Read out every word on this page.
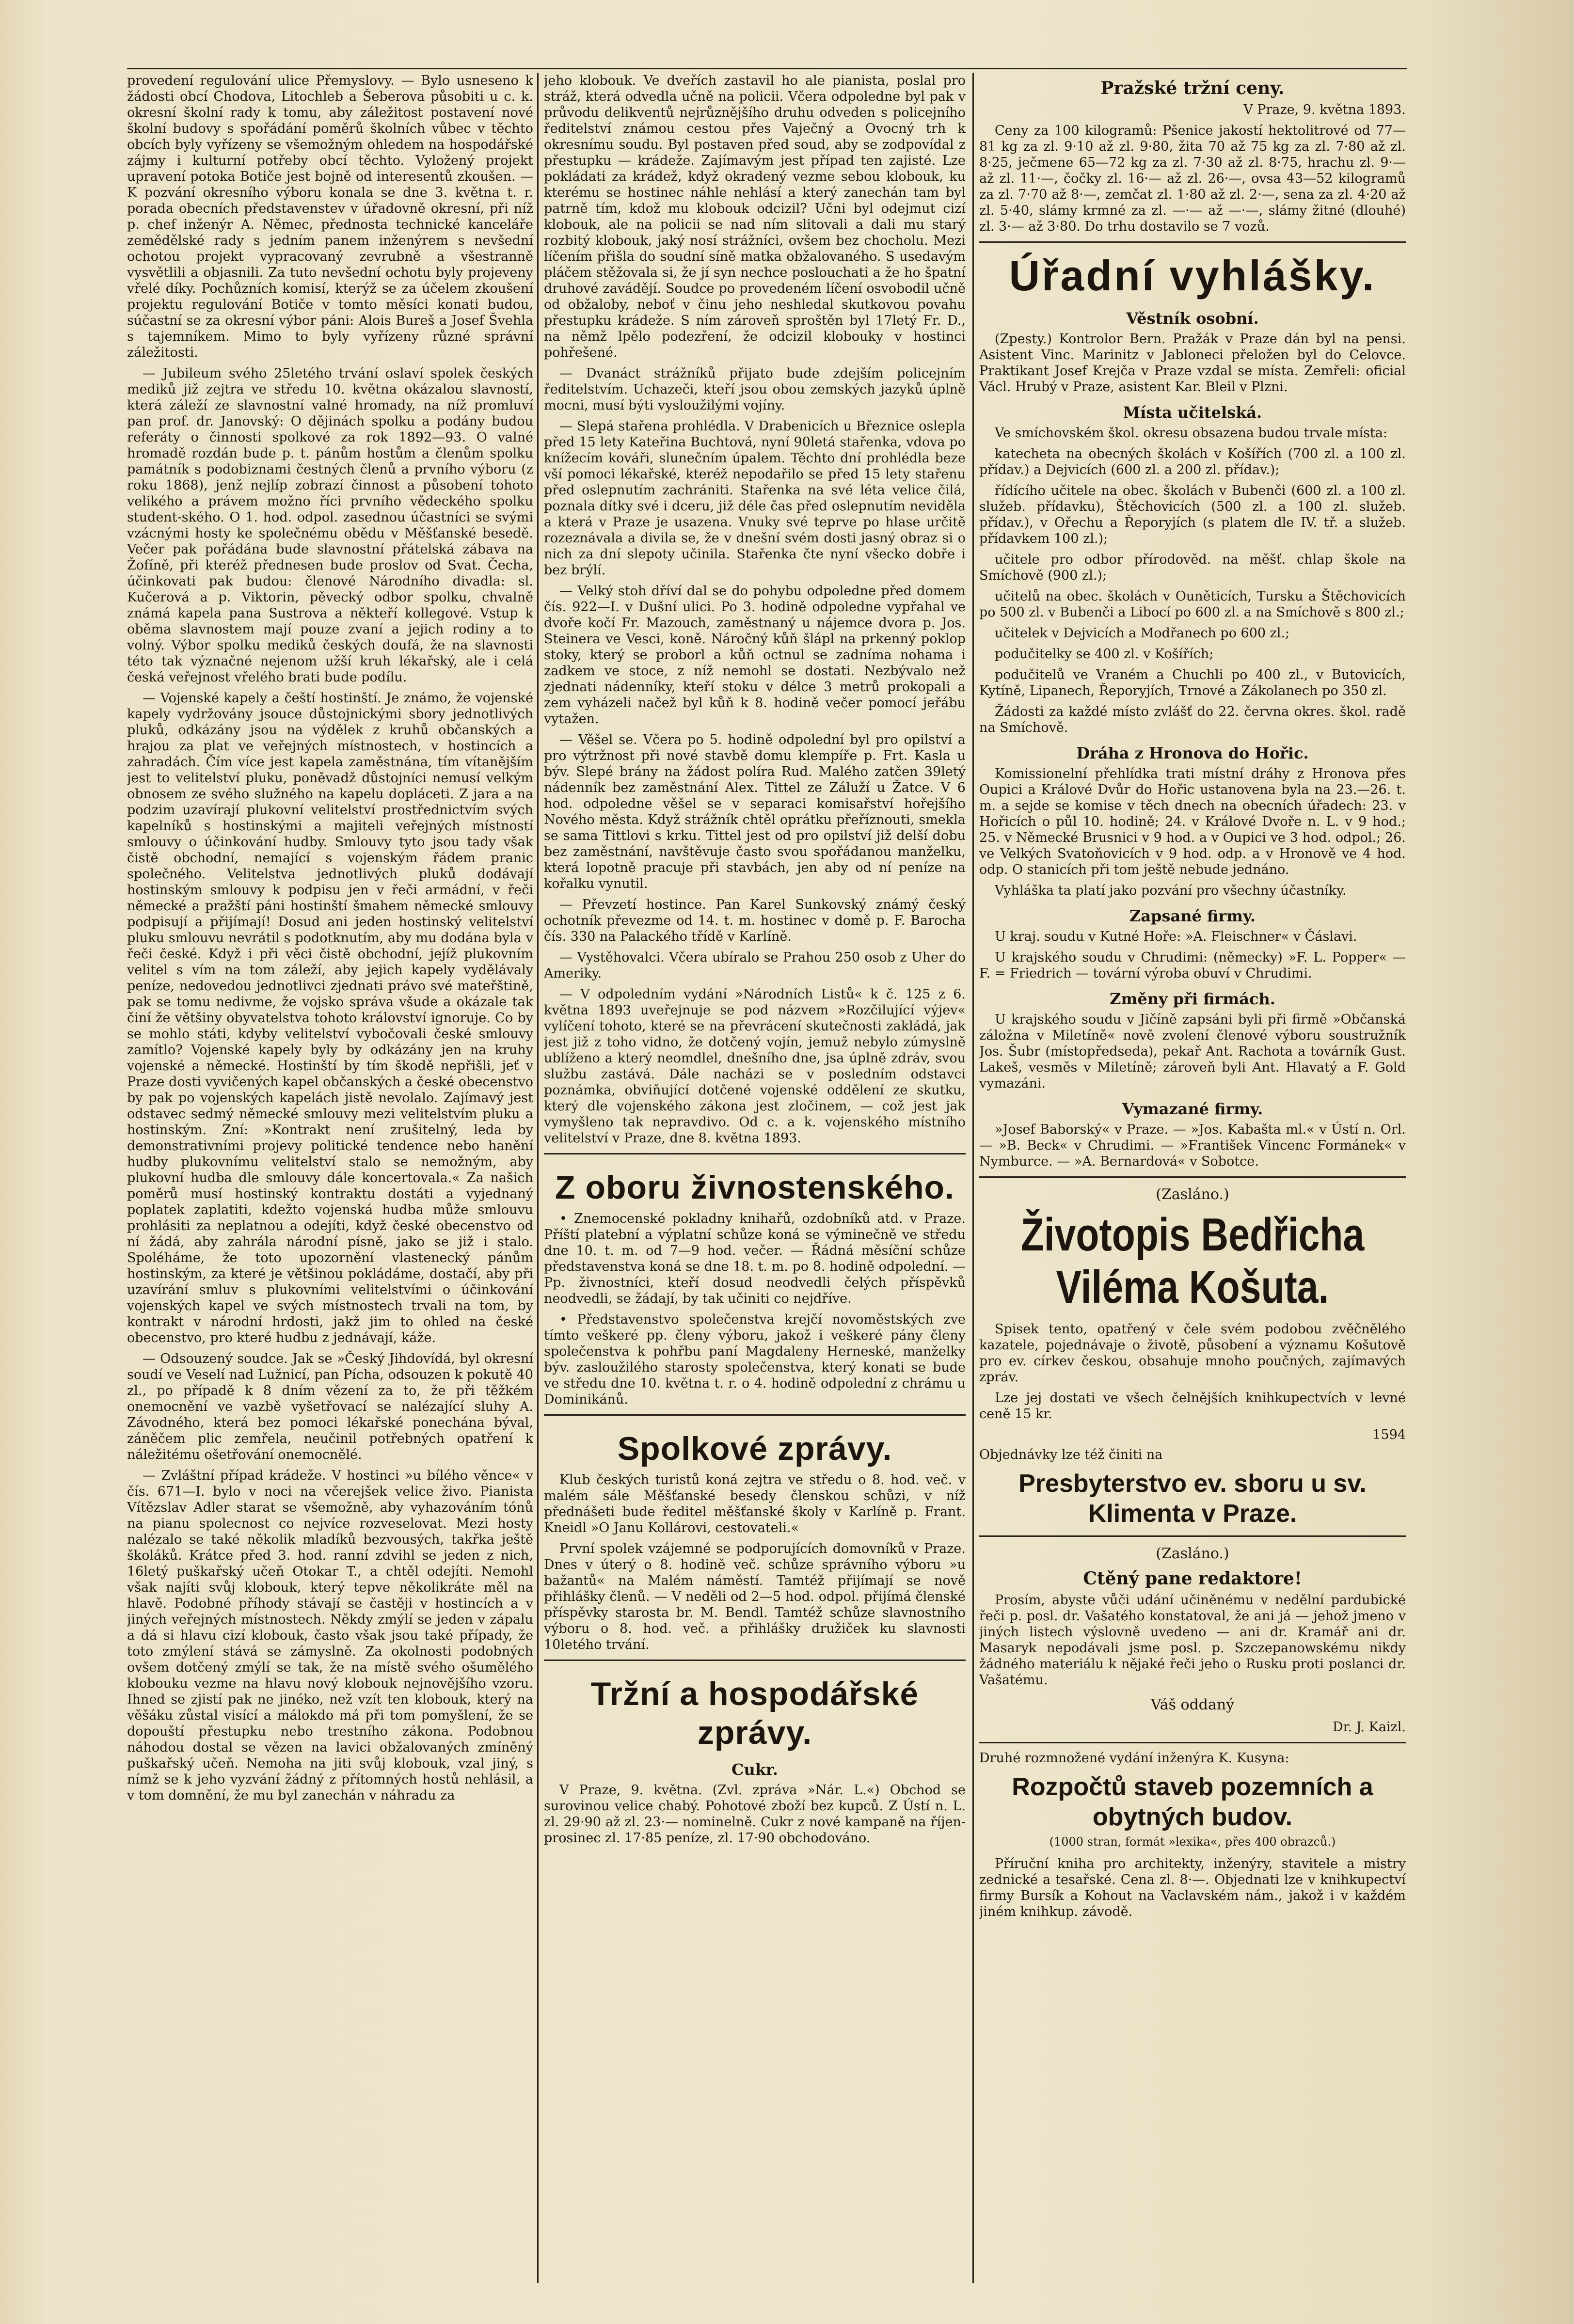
provedení regulování ulice Přemyslovy. — Bylo usneseno k žádosti obcí Chodova, Litochleb a Šeberova působiti u c. k. okresní školní rady k tomu, aby záležitost postavení nové školní budovy s spořádání poměrů školních vůbec v těchto obcích byly vyřízeny se všemožným ohledem na hospodářské zájmy i kulturní potřeby obcí těchto. Vyložený projekt upravení potoka Botiče jest bojně od interesentů zkoušen. — K pozvání okresního výboru konala se dne 3. května t. r. porada obecních představenstev v úřadovně okresní, při níž p. chef inženýr A. Němec, přednosta technické kanceláře zemědělské rady s jedním panem inženýrem s nevšední ochotou projekt vypracovaný zevrubně a všestranně vysvětlili a objasnili. Za tuto nevšední ochotu byly projeveny vřelé díky. Pochůzních komisí, kterýž se za účelem zkoušení projektu regulování Botiče v tomto měsíci konati budou, súčastní se za okresní výbor páni: Alois Bureš a Josef Švehla s tajemníkem. Mimo to byly vyřízeny různé správní záležitosti.

— Jubileum svého 25letého trvání oslaví spolek českých mediků již zejtra ve středu 10. května okázalou slavností, která záleží ze slavnostní valné hromady, na níž promluví pan prof. dr. Janovský: O dějinách spolku a podány budou referáty o činnosti spolkové za rok 1892—93. O valné hromadě rozdán bude p. t. pánům hostům a členům spolku památník s podobiznami čestných členů a prvního výboru (z roku 1868), jenž nejlíp zobrazí činnost a působení tohoto velikého a právem možno říci prvního vědeckého spolku student-ského. O 1. hod. odpol. zasednou účastníci se svými vzácnými hosty ke společnému obědu v Měšťanské besedě. Večer pak pořádána bude slavnostní přátelská zábava na Žofíně, při kteréž přednesen bude proslov od Svat. Čecha, účinkovati pak budou: členové Národního divadla: sl. Kučerová a p. Viktorin, pěvecký odbor spolku, chvalně známá kapela pana Sustrova a někteří kollegové. Vstup k oběma slavnostem mají pouze zvaní a jejich rodiny a to volný. Výbor spolku mediků českých doufá, že na slavnosti této tak význačné nejenom užší kruh lékařský, ale i celá česká veřejnost vřelého brati bude podílu.

— Vojenské kapely a čeští hostinští. Je známo, že vojenské kapely vydržovány jsouce důstojnickými sbory jednotlivých pluků, odkázány jsou na výdělek z kruhů občanských a hrajou za plat ve veřejných místnostech, v hostincích a zahradách. Čím více jest kapela zaměstnána, tím vítanějším jest to velitelství pluku, poněvadž důstojníci nemusí velkým obnosem ze svého služného na kapelu dopláceti. Z jara a na podzim uzavírají plukovní velitelství prostřednictvím svých kapelníků s hostinskými a majiteli veřejných místností smlouvy o účinkování hudby. Smlouvy tyto jsou tady však čistě obchodní, nemající s vojenským řádem pranic společného. Velitelstva jednotlivých pluků dodávají hostinským smlouvy k podpisu jen v řeči armádní, v řeči německé a pražští páni hostinští šmahem německé smlouvy podpisují a přijímají! Dosud ani jeden hostinský velitelství pluku smlouvu nevrátil s podotknutím, aby mu dodána byla v řeči české. Když i při věci čistě obchodní, jejíž plukovním velitel s vím na tom záleží, aby jejich kapely vydělávaly peníze, nedovedou jednotlivci zjednati právo své mateřštině, pak se tomu nedivme, že vojsko správa všude a okázale tak činí že většiny obyvatelstva tohoto království ignoruje. Co by se mohlo státi, kdyby velitelství vybočovali české smlouvy zamítlo? Vojenské kapely byly by odkázány jen na kruhy vojenské a německé. Hostinští by tím škodě nepřišli, jeť v Praze dosti vyvičených kapel občanských a české obecenstvo by pak po vojenských kapelách jistě nevolalo. Zajímavý jest odstavec sedmý německé smlouvy mezi velitelstvím pluku a hostinským. Zní: »Kontrakt není zrušitelný, leda by demonstrativními projevy politické tendence nebo hanění hudby plukovnímu velitelství stalo se nemožným, aby plukovní hudba dle smlouvy dále koncertovala.« Za našich poměrů musí hostinský kontraktu dostáti a vyjednaný poplatek zaplatiti, kdežto vojenská hudba může smlouvu prohlásiti za neplatnou a odejíti, když české obecenstvo od ní žádá, aby zahrála národní písně, jako se již i stalo. Spoléháme, že toto upozornění vlastenecký pánům hostinským, za které je většinou pokládáme, dostačí, aby při uzavírání smluv s plukovními velitelstvími o účinkování vojenských kapel ve svých místnostech trvali na tom, by kontrakt v národní hrdosti, jakž jim to ohled na české obecenstvo, pro které hudbu z jednávají, káže.

— Odsouzený soudce. Jak se »Český Jihdovídá, byl okresní soudí ve Veselí nad Lužnicí, pan Pícha, odsouzen k pokutě 40 zl., po případě k 8 dním vězení za to, že při těžkém onemocnění ve vazbě vyšetřovací se nalézající sluhy A. Závodného, která bez pomoci lékařské ponechána býval, záněčem plic zemřela, neučinil potřebných opatření k náležitému ošetřování onemocnělé.

— Zvláštní případ krádeže. V hostinci »u bílého věnce« v čís. 671—I. bylo v noci na včerejšek velice živo. Pianista Vítězslav Adler starat se všemožně, aby vyhazováním tónů na pianu spolecnost co nejvíce rozveselovat. Mezi hosty nalézalo se také několik mladíků bezvousých, takřka ještě školáků. Krátce před 3. hod. ranní zdvihl se jeden z nich, 16letý puškařský učeň Otokar T., a chtěl odejíti. Nemohl však najíti svůj klobouk, který tepve několikráte měl na hlavě. Podobné příhody stávají se častěji v hostincích a v jiných veřejných místnostech. Někdy zmýlí se jeden v zápalu a dá si hlavu cizí klobouk, často však jsou také případy, že toto zmýlení stává se zámyslně. Za okolnosti podobných ovšem dotčený zmýlí se tak, že na místě svého ošumělého klobouku vezme na hlavu nový klobouk nejnovějšího vzoru. Ihned se zjistí pak ne jinéko, než vzít ten klobouk, který na věšáku zůstal visící a málokdo má při tom pomyšlení, že se dopouští přestupku nebo trestního zákona. Podobnou náhodou dostal se vězen na lavici obžalovaných zmíněný puškařský učeň. Nemoha na jiti svůj klobouk, vzal jiný, s nímž se k jeho vyzvání žádný z přítomných hostů nehlásil, a v tom domnění, že mu byl zanechán v náhradu za

jeho klobouk. Ve dveřích zastavil ho ale pianista, poslal pro stráž, která odvedla učně na policii. Včera odpoledne byl pak v průvodu delikventů nejrůznějšího druhu odveden s policejního ředitelství známou cestou přes Vaječný a Ovocný trh k okresnímu soudu. Byl postaven před soud, aby se zodpovídal z přestupku — krádeže. Zajímavým jest případ ten zajisté. Lze pokládati za krádež, když okradený vezme sebou klobouk, ku kterému se hostinec náhle nehlásí a který zanechán tam byl patrně tím, kdož mu klobouk odcizil? Učni byl odejmut cizí klobouk, ale na policii se nad ním slitovali a dali mu starý rozbitý klobouk, jaký nosí strážníci, ovšem bez chocholu. Mezi líčením přišla do soudní síně matka obžalovaného. S usedavým pláčem stěžovala si, že jí syn nechce poslouchati a že ho špatní druhové zavádějí. Soudce po provedeném líčení osvobodil učně od obžaloby, neboť v činu jeho neshledal skutkovou povahu přestupku krádeže. S ním zároveň sproštěn byl 17letý Fr. D., na němž lpělo podezření, že odcizil klobouky v hostinci pohřešené.

— Dvanáct strážníků přijato bude zdejším policejním ředitelstvím. Uchazeči, kteří jsou obou zemských jazyků úplně mocni, musí býti vysloužilými vojíny.

— Slepá stařena prohlédla. V Drabenicích u Březnice oslepla před 15 lety Kateřina Buchtová, nyní 90letá stařenka, vdova po knížecím kováři, slunečním úpalem. Těchto dní prohlédla beze vší pomoci lékařské, kteréž nepodařilo se před 15 lety stařenu před oslepnutím zachrániti. Stařenka na své léta velice čilá, poznala dítky své i dceru, již déle čas před oslepnutím neviděla a která v Praze je usazena. Vnuky své teprve po hlase určitě rozeznávala a divila se, že v dnešní svém dosti jasný obraz si o nich za dní slepoty učinila. Stařenka čte nyní všecko dobře i bez brýlí.

— Velký stoh dříví dal se do pohybu odpoledne před domem čís. 922—I. v Dušní ulici. Po 3. hodině odpoledne vypřahal ve dvoře kočí Fr. Mazouch, zaměstnaný u nájemce dvora p. Jos. Steinera ve Vesci, koně. Náročný kůň šlápl na prkenný poklop stoky, který se proborl a kůň octnul se zadníma nohama i zadkem ve stoce, z níž nemohl se dostati. Nezbývalo než zjednati nádenníky, kteří stoku v délce 3 metrů prokopali a zem vyházeli načež byl kůň k 8. hodině večer pomocí jeřábu vytažen.

— Věšel se. Včera po 5. hodině odpolední byl pro opilství a pro výtržnost při nové stavbě domu klempíře p. Frt. Kasla u býv. Slepé brány na žádost políra Rud. Malého zatčen 39letý nádenník bez zaměstnání Alex. Tittel ze Záluží u Žatce. V 6 hod. odpoledne věšel se v separaci komisařství hořejšího Nového města. Když strážník chtěl oprátku přeříznouti, smekla se sama Tittlovi s krku. Tittel jest od pro opilství již delší dobu bez zaměstnání, navštěvuje často svou spořádanou manželku, která lopotně pracuje při stavbách, jen aby od ní peníze na kořalku vynutil.

— Převzetí hostince. Pan Karel Sunkovský známý český ochotník převezme od 14. t. m. hostinec v domě p. F. Barocha čís. 330 na Palackého třídě v Karlíně.

— Vystěhovalci. Včera ubíralo se Prahou 250 osob z Uher do Ameriky.

— V odpoledním vydání »Národních Listů« k č. 125 z 6. května 1893 uveřejnuje se pod názvem »Rozčilující výjev« vylíčení tohoto, které se na převrácení skutečnosti zakládá, jak jest již z toho vidno, že dotčený vojín, jemuž nebylo zúmyslně ublíženo a který neomdlel, dnešního dne, jsa úplně zdráv, svou službu zastává. Dále nacházi se v posledním odstavci poznámka, obviňující dotčené vojenské oddělení ze skutku, který dle vojenského zákona jest zločinem, — což jest jak vymyšleno tak nepravdivo. Od c. a k. vojenského místního velitelství v Praze, dne 8. května 1893.

Z oboru živnostenského.

• Znemocenské pokladny knihařů, ozdobníků atd. v Praze. Příští platební a výplatní schůze koná se výminečně ve středu dne 10. t. m. od 7—9 hod. večer. — Řádná měsíční schůze představenstva koná se dne 18. t. m. po 8. hodině odpolední. — Pp. živnostníci, kteří dosud neodvedli čelých příspěvků neodvedli, se žádají, by tak učiniti co nejdříve.

• Představenstvo společenstva krejčí novoměstských zve tímto veškeré pp. členy výboru, jakož i veškeré pány členy společenstva k pohřbu paní Magdaleny Herneské, manželky býv. zasloužilého starosty společenstva, který konati se bude ve středu dne 10. května t. r. o 4. hodině odpolední z chrámu u Dominikánů.

Spolkové zprávy.

Klub českých turistů koná zejtra ve středu o 8. hod. več. v malém sále Měšťanské besedy členskou schůzi, v níž přednášeti bude ředitel měšťanské školy v Karlíně p. Frant. Kneidl »O Janu Kollárovi, cestovateli.«

První spolek vzájemné se podporujících domovníků v Praze. Dnes v úterý o 8. hodině več. schůze správního výboru »u bažantů« na Malém náměstí. Tamtéž přijímají se nově přihlášky členů. — V neděli od 2—5 hod. odpol. přijímá členské příspěvky starosta br. M. Bendl. Tamtéž schůze slavnostního výboru o 8. hod. več. a přihlášky družiček ku slavnosti 10letého trvání.

Tržní a hospodářské zprávy.
Cukr.

V Praze, 9. května. (Zvl. zpráva »Nár. L.«) Obchod se surovinou velice chabý. Pohotové zboží bez kupců. Z Ústí n. L. zl. 29·90 až zl. 23·— nominelně. Cukr z nové kampaně na říjen-prosinec zl. 17·85 peníze, zl. 17·90 obchodováno.

Pražské tržní ceny.

V Praze, 9. května 1893.

Ceny za 100 kilogramů: Pšenice jakostí hektolitrové od 77—81 kg za zl. 9·10 až zl. 9·80, žita 70 až 75 kg za zl. 7·80 až zl. 8·25, ječmene 65—72 kg za zl. 7·30 až zl. 8·75, hrachu zl. 9·— až zl. 11·—, čočky zl. 16·— až zl. 26·—, ovsa 43—52 kilogramů za zl. 7·70 až 8·—, zemčat zl. 1·80 až zl. 2·—, sena za zl. 4·20 až zl. 5·40, slámy krmné za zl. —·— až —·—, slámy žitné (dlouhé) zl. 3·— až 3·80. Do trhu dostavilo se 7 vozů.

Úřadní vyhlášky.
Věstník osobní.

(Zpesty.) Kontrolor Bern. Pražák v Praze dán byl na pensi. Asistent Vinc. Marinitz v Jabloneci přeložen byl do Celovce. Praktikant Josef Krejča v Praze vzdal se místa. Zemřeli: oficial Václ. Hrubý v Praze, asistent Kar. Bleil v Plzni.

Místa učitelská.

Ve smíchovském škol. okresu obsazena budou trvale místa:

katecheta na obecných školách v Košířích (700 zl. a 100 zl. přídav.) a Dejvicích (600 zl. a 200 zl. přídav.);

řídícího učitele na obec. školách v Bubenči (600 zl. a 100 zl. služeb. přídavku), Štěchovicích (500 zl. a 100 zl. služeb. přídav.), v Ořechu a Řeporyjích (s platem dle IV. tř. a služeb. přídavkem 100 zl.);

učitele pro odbor přírodověd. na měšť. chlap škole na Smíchově (900 zl.);

učitelů na obec. školách v Ouněticích, Tursku a Štěchovicích po 500 zl. v Bubenči a Libocí po 600 zl. a na Smíchově s 800 zl.;

učitelek v Dejvicích a Modřanech po 600 zl.;

podučitelky se 400 zl. v Košířích;

podučitelů ve Vraném a Chuchli po 400 zl., v Butovicích, Kytíně, Lipanech, Řeporyjích, Trnové a Zákolanech po 350 zl.

Žádosti za každé místo zvlášť do 22. června okres. škol. radě na Smíchově.

Dráha z Hronova do Hořic.

Komissionelní přehlídka trati místní dráhy z Hronova přes Oupici a Králové Dvůr do Hořic ustanovena byla na 23.—26. t. m. a sejde se komise v těch dnech na obecních úřadech: 23. v Hořicích o půl 10. hodině; 24. v Králové Dvoře n. L. v 9 hod.; 25. v Německé Brusnici v 9 hod. a v Oupici ve 3 hod. odpol.; 26. ve Velkých Svatoňovicích v 9 hod. odp. a v Hronově ve 4 hod. odp. O stanicích při tom ještě nebude jednáno.

Vyhláška ta platí jako pozvání pro všechny účastníky.

Zapsané firmy.

U kraj. soudu v Kutné Hoře: »A. Fleischner« v Čáslavi.

U krajského soudu v Chrudimi: (německy) »F. L. Popper« — F. = Friedrich — tovární výroba obuví v Chrudimi.

Změny při firmách.

U krajského soudu v Jičíně zapsáni byli při firmě »Občanská záložna v Miletíně« nově zvolení členové výboru soustružník Jos. Šubr (místopředseda), pekař Ant. Rachota a továrník Gust. Lakeš, vesměs v Miletíně; zároveň byli Ant. Hlavatý a F. Gold vymazáni.

Vymazané firmy.

»Josef Baborský« v Praze. — »Jos. Kabašta ml.« v Ústí n. Orl. — »B. Beck« v Chrudimi. — »František Vincenc Formánek« v Nymburce. — »A. Bernardová« v Sobotce.

(Zasláno.)

Životopis Bedřicha Viléma Košuta.

Spisek tento, opatřený v čele svém podobou zvěčnělého kazatele, pojednávaje o životě, působení a významu Košutově pro ev. církev českou, obsahuje mnoho poučných, zajímavých zpráv.

Lze jej dostati ve všech čelnějších knihkupectvích v levné ceně 15 kr.

1594

Objednávky lze též činiti na

Presbyterstvo ev. sboru u sv. Klimenta v Praze.

(Zasláno.)

Ctěný pane redaktore!

Prosím, abyste vůči udání učiněnému v nedělní pardubické řeči p. posl. dr. Vašatého konstatoval, že ani já — jehož jmeno v jiných listech výslovně uvedeno — ani dr. Kramář ani dr. Masaryk nepodávali jsme posl. p. Szczepanowskému nikdy žádného materiálu k nějaké řeči jeho o Rusku proti poslanci dr. Vašatému.

Váš oddaný

Dr. J. Kaizl.

Druhé rozmnožené vydání inženýra K. Kusyna:

Rozpočtů staveb pozemních a obytných budov.

(1000 stran, formát »lexika«, přes 400 obrazců.)

Příruční kniha pro architekty, inženýry, stavitele a mistry zednické a tesařské. Cena zl. 8·—. Objednati lze v knihkupectví firmy Bursík a Kohout na Vaclavském nám., jakož i v každém jiném knihkup. závodě.
